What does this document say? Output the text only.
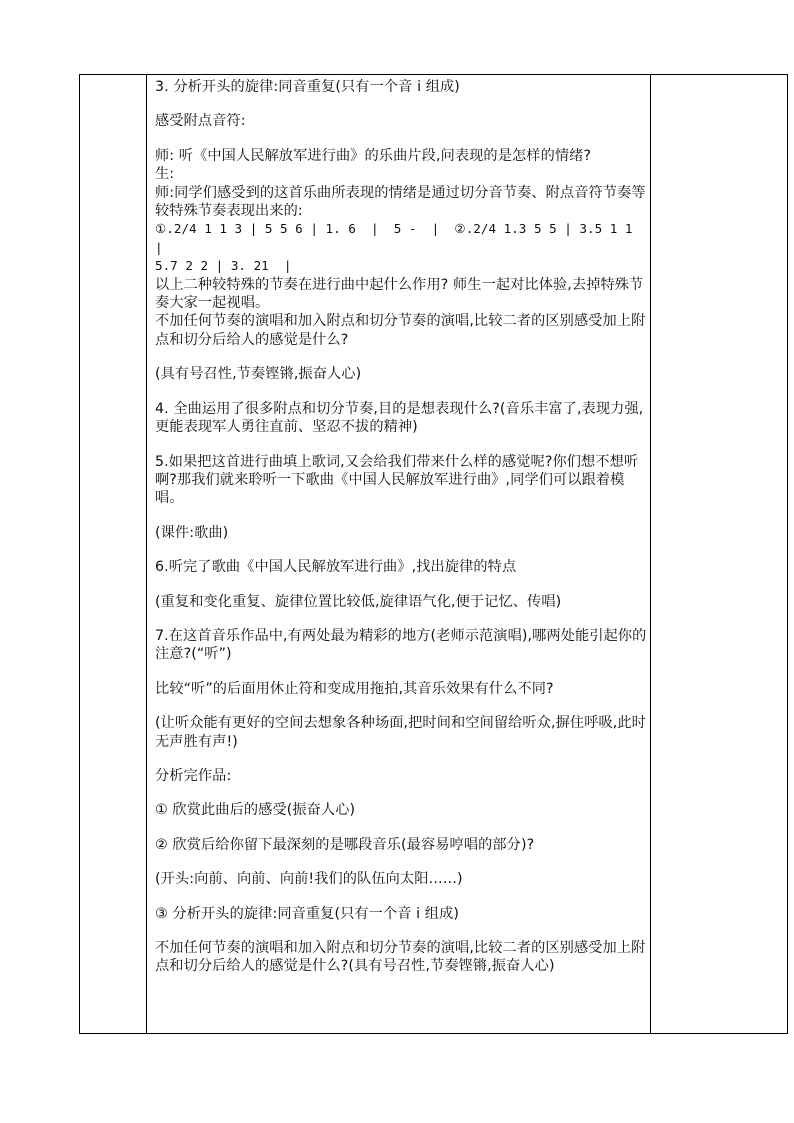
3. 分析开头的旋律:同音重复(只有一个音 i 组成)

感受附点音符:

师: 听《中国人民解放军进行曲》的乐曲片段,问表现的是怎样的情绪?

生:

师:同学们感受到的这首乐曲所表现的情绪是通过切分音节奏、附点音符节奏等较特殊节奏表现出来的:

①.2/4 1 1 3 | 5 5 6 | 1. 6  |  5 -  |  ②.2/4 1.3 5 5 | 3.5 1 1 |

5.7 2 2 | 3. 21  |

以上二种较特殊的节奏在进行曲中起什么作用? 师生一起对比体验,去掉特殊节奏大家一起视唱。

不加任何节奏的演唱和加入附点和切分节奏的演唱,比较二者的区别感受加上附点和切分后给人的感觉是什么?

(具有号召性,节奏铿锵,振奋人心)

4. 全曲运用了很多附点和切分节奏,目的是想表现什么?(音乐丰富了,表现力强,更能表现军人勇往直前、坚忍不拔的精神)

5.如果把这首进行曲填上歌词,又会给我们带来什么样的感觉呢?你们想不想听啊?那我们就来聆听一下歌曲《中国人民解放军进行曲》,同学们可以跟着模唱。

(课件:歌曲)

6.听完了歌曲《中国人民解放军进行曲》,找出旋律的特点

(重复和变化重复、旋律位置比较低,旋律语气化,便于记忆、传唱)

7.在这首音乐作品中,有两处最为精彩的地方(老师示范演唱),哪两处能引起你的注意?(“听”)

比较“听”的后面用休止符和变成用拖拍,其音乐效果有什么不同?

(让听众能有更好的空间去想象各种场面,把时间和空间留给听众,摒住呼吸,此时无声胜有声!)

分析完作品:

① 欣赏此曲后的感受(振奋人心)

② 欣赏后给你留下最深刻的是哪段音乐(最容易哼唱的部分)?

(开头:向前、向前、向前!我们的队伍向太阳……)

③ 分析开头的旋律:同音重复(只有一个音 i 组成)

不加任何节奏的演唱和加入附点和切分节奏的演唱,比较二者的区别感受加上附点和切分后给人的感觉是什么?(具有号召性,节奏铿锵,振奋人心)
